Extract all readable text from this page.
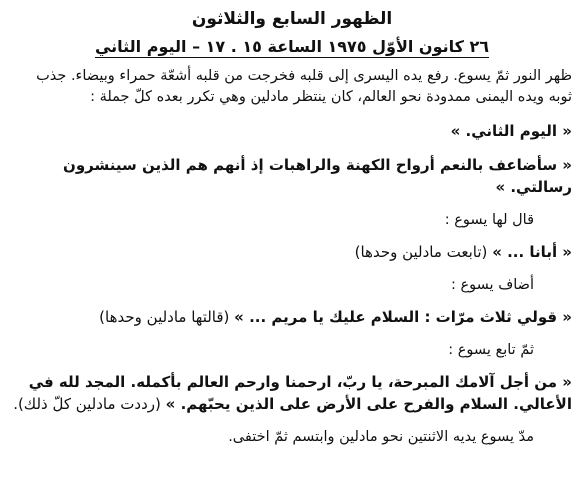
الظهور السابع والثلاثون
٢٦ كانون الأوّل ١٩٧٥ الساعة ١٥ . ١٧ – اليوم الثاني

ظهر النور ثمّ يسوع. رفع يده اليسرى إلى قلبه فخرجت من قلبه أشعّة حمراء وبيضاء. جذب ثوبه ويده اليمنى ممدودة نحو العالم، كان ينتظر مادلين وهي تكرر بعده كلّ جملة :

« اليوم الثاني. »

« سأضاعف بالنعم أرواح الكهنة والراهبات إذ أنهم هم الذين سينشرون رسالتي. »

قال لها يسوع :

« أبانا ... » (تابعت مادلين وحدها)

أضاف يسوع :

« قولي ثلاث مرّات : السلام عليك يا مريم ... » (قالتها مادلين وحدها)

ثمّ تابع يسوع :

« من أجل آلامك المبرحة، يا ربّ، ارحمنا وارحم العالم بأكمله. المجد لله في الأعالي. السلام والفرح على الأرض على الذين يحبّهم. » (رددت مادلين كلّ ذلك).

مدّ يسوع يديه الاثنتين نحو مادلين وابتسم ثمّ اختفى.
